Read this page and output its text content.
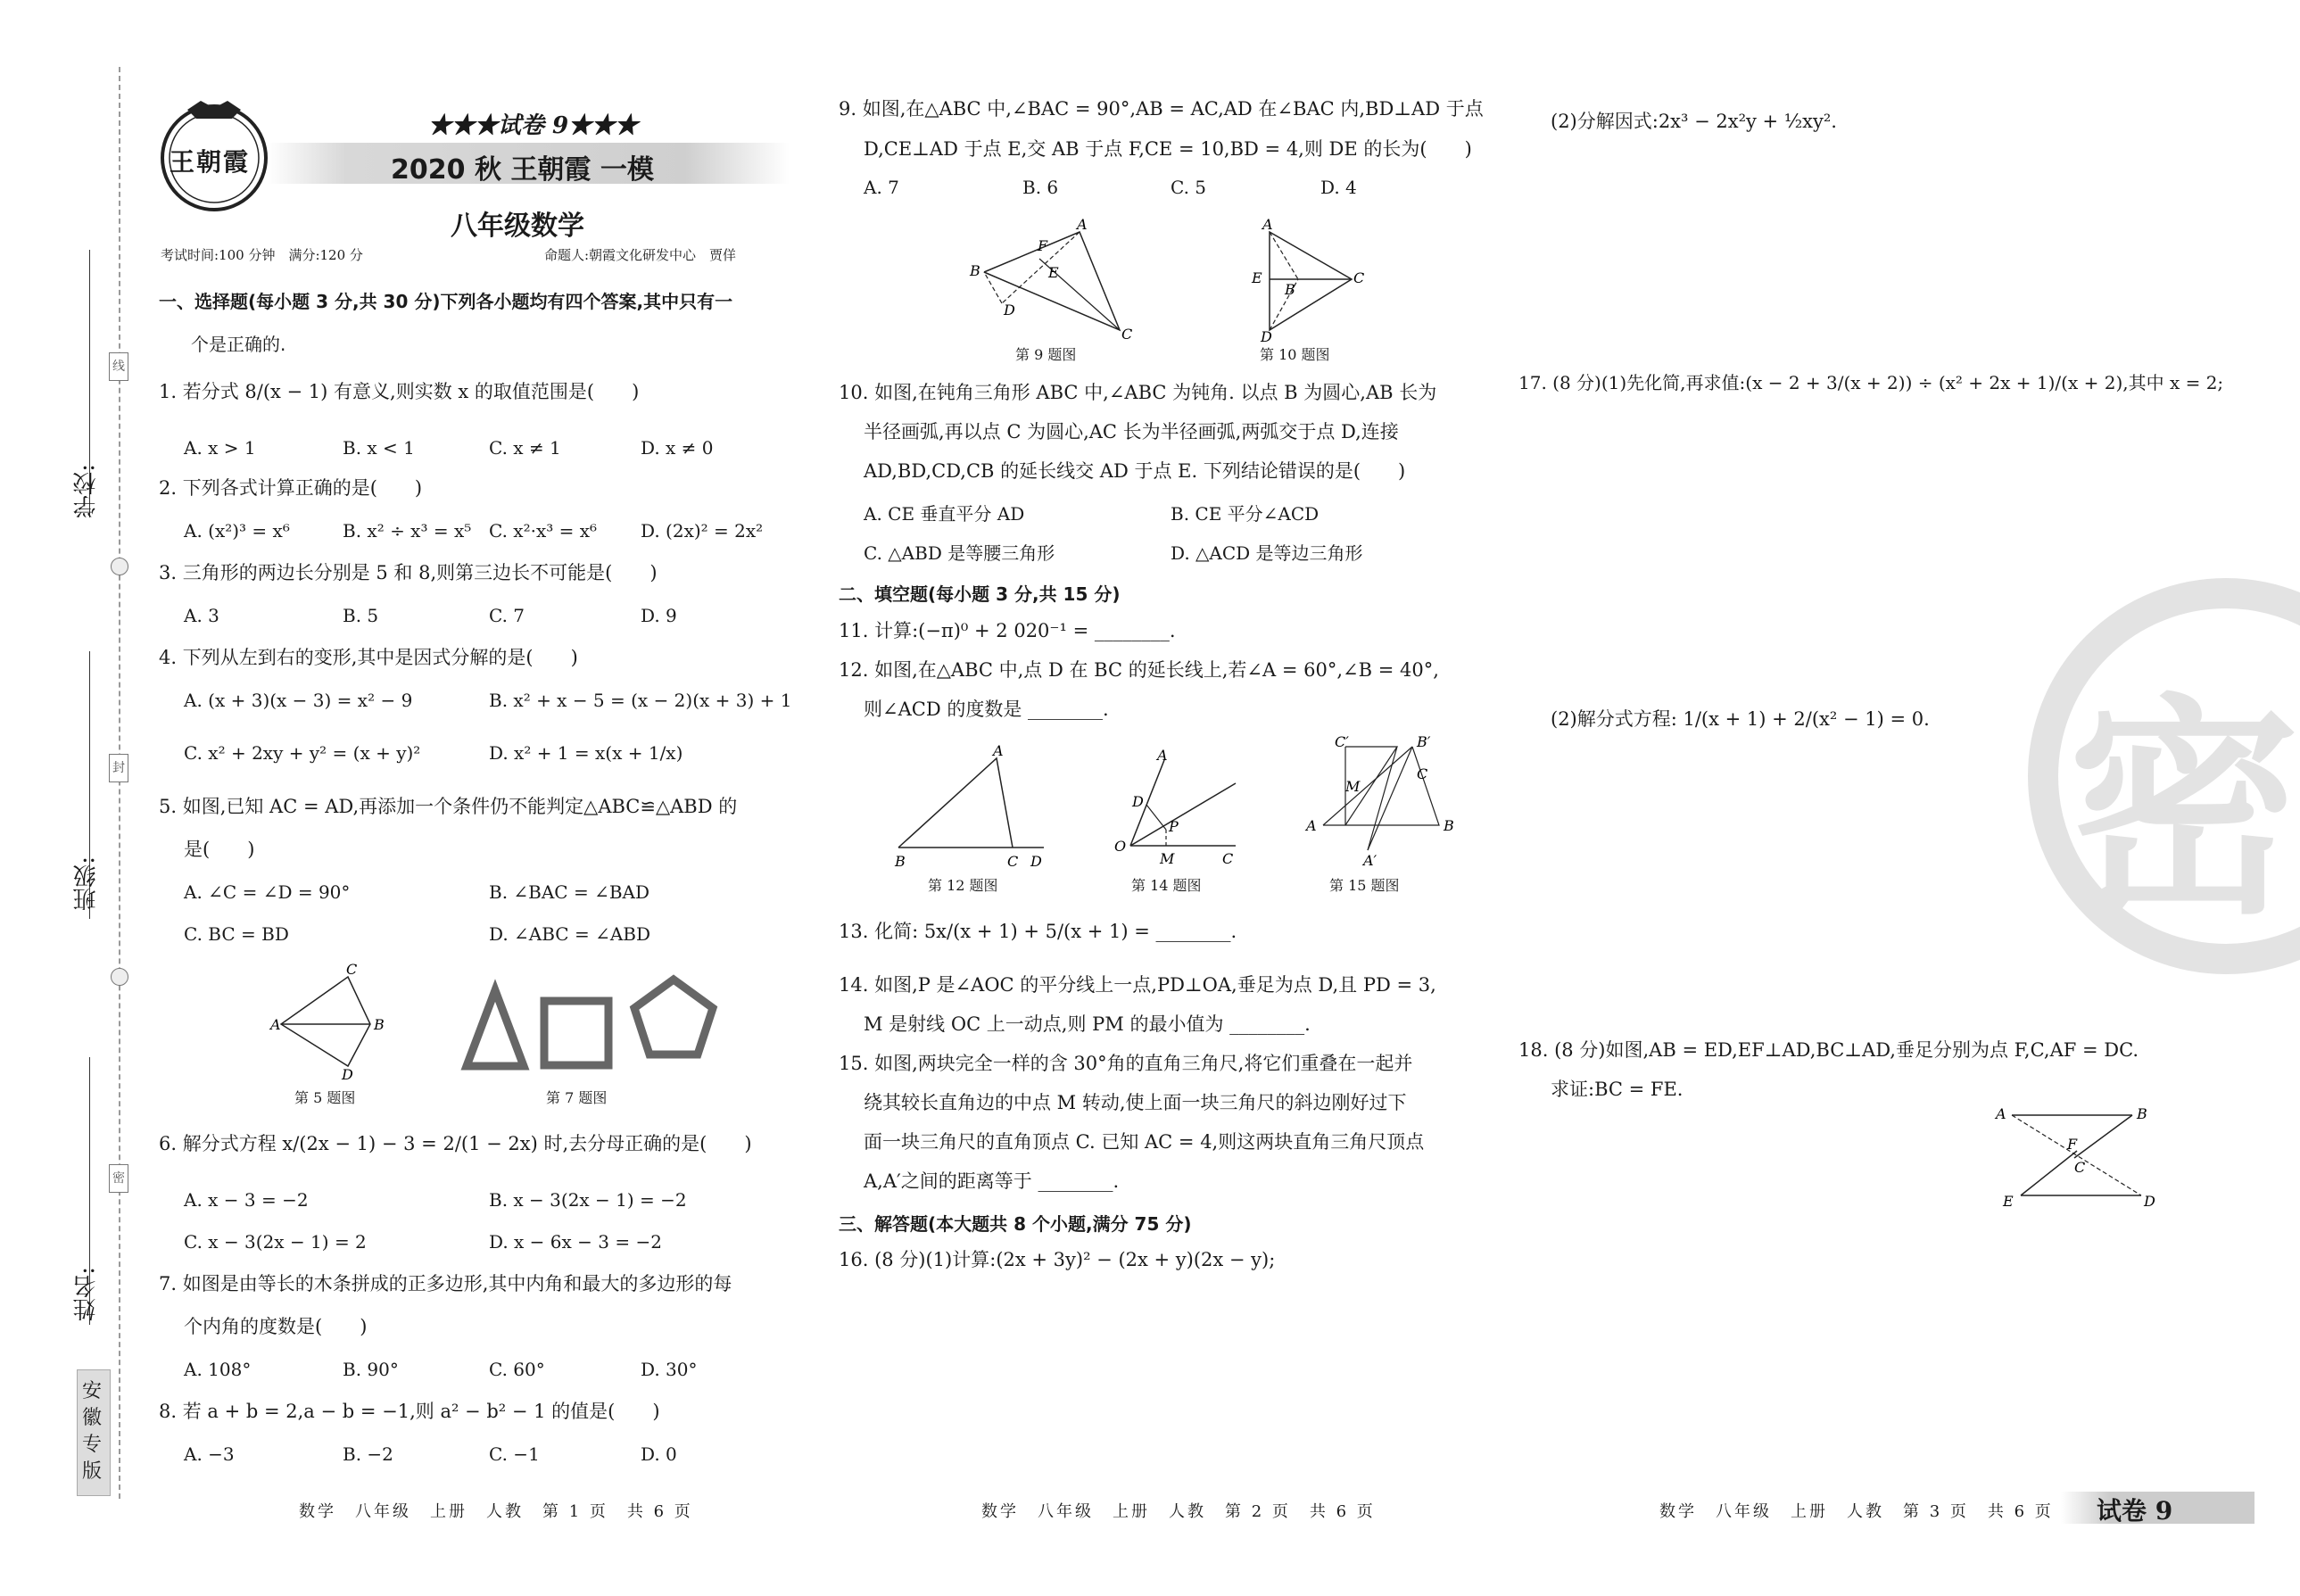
学校:
班级:
姓名:
线
封
密
安徽专版
王朝霞
★★★试卷 9★★★
2020 秋 王朝霞 一模
八年级数学
考试时间:100 分钟　满分:120 分	命题人:朝霞文化研发中心　贾佯
一、选择题(每小题 3 分,共 30 分)下列各小题均有四个答案,其中只有一
个是正确的.
1. 若分式 8/(x − 1) 有意义,则实数 x 的取值范围是(　　)
A. x > 1	B. x < 1	C. x ≠ 1	D. x ≠ 0
2. 下列各式计算正确的是(　　)
A. (x²)³ = x⁶	B. x² ÷ x³ = x⁵ C. x²·x³ = x⁶ D. (2x)² = 2x²
3. 三角形的两边长分别是 5 和 8,则第三边长不可能是(　　)
A. 3	B. 5	C. 7	D. 9
4. 下列从左到右的变形,其中是因式分解的是(　　)
A. (x + 3)(x − 3) = x² − 9	B. x² + x − 5 = (x − 2)(x + 3) + 1
C. x² + 2xy + y² = (x + y)²	D. x² + 1 = x(x + 1/x)
5. 如图,已知 AC = AD,再添加一个条件仍不能判定△ABC≌△ABD 的
是(　　)
A. ∠C = ∠D = 90°	B. ∠BAC = ∠BAD
C. BC = BD	D. ∠ABC = ∠ABD
A
C
B
D
第 5 题图	第 7 题图
6. 解分式方程 x/(2x − 1) − 3 = 2/(1 − 2x) 时,去分母正确的是(　　)
A. x − 3 = −2	B. x − 3(2x − 1) = −2
C. x − 3(2x − 1) = 2	D. x − 6x − 3 = −2
7. 如图是由等长的木条拼成的正多边形,其中内角和最大的多边形的每
个内角的度数是(　　)
A. 108°	B. 90°	C. 60°	D. 30°
8. 若 a + b = 2,a − b = −1,则 a² − b² − 1 的值是(　　)
A. −3	B. −2	C. −1	D. 0
数学　八年级　上册　人教　第 1 页　共 6 页
9. 如图,在△ABC 中,∠BAC = 90°,AB = AC,AD 在∠BAC 内,BD⊥AD 于点
D,CE⊥AD 于点 E,交 AB 于点 F,CE = 10,BD = 4,则 DE 的长为(　　)
A. 7	B. 6	C. 5	D. 4
B
A
C
D
F
E
第 9 题图
A
C
E
B
D
第 10 题图
10. 如图,在钝角三角形 ABC 中,∠ABC 为钝角. 以点 B 为圆心,AB 长为
半径画弧,再以点 C 为圆心,AC 长为半径画弧,两弧交于点 D,连接
AD,BD,CD,CB 的延长线交 AD 于点 E. 下列结论错误的是(　　)
A. CE 垂直平分 AD	B. CE 平分∠ACD
C. △ABD 是等腰三角形	D. △ACD 是等边三角形
二、填空题(每小题 3 分,共 15 分)
11. 计算:(−π)⁰ + 2 020⁻¹ = ________.
12. 如图,在△ABC 中,点 D 在 BC 的延长线上,若∠A = 60°,∠B = 40°,
则∠ACD 的度数是 ________.
A
B	C D
第 12 题图
A
D
P
O
M	C
第 14 题图
C′	B′
C
M
A	B
A′
第 15 题图
13. 化简: 5x/(x + 1) + 5/(x + 1) = ________.
14. 如图,P 是∠AOC 的平分线上一点,PD⊥OA,垂足为点 D,且 PD = 3,
M 是射线 OC 上一动点,则 PM 的最小值为 ________.
15. 如图,两块完全一样的含 30°角的直角三角尺,将它们重叠在一起并
绕其较长直角边的中点 M 转动,使上面一块三角尺的斜边刚好过下
面一块三角尺的直角顶点 C. 已知 AC = 4,则这两块直角三角尺顶点
A,A′之间的距离等于 ________.
三、解答题(本大题共 8 个小题,满分 75 分)
16. (8 分)(1)计算:(2x + 3y)² − (2x + y)(2x − y);
数学　八年级　上册　人教　第 2 页　共 6 页
(2)分解因式:2x³ − 2x²y + ½xy².
17. (8 分)(1)先化简,再求值:(x − 2 + 3/(x + 2)) ÷ (x² + 2x + 1)/(x + 2),其中 x = 2;
(2)解分式方程: 1/(x + 1) + 2/(x² − 1) = 0. 密
18. (8 分)如图,AB = ED,EF⊥AD,BC⊥AD,垂足分别为点 F,C,AF = DC.
求证:BC = FE.
A	B
F
C
E	D
数学　八年级　上册　人教　第 3 页　共 6 页 试卷 9
